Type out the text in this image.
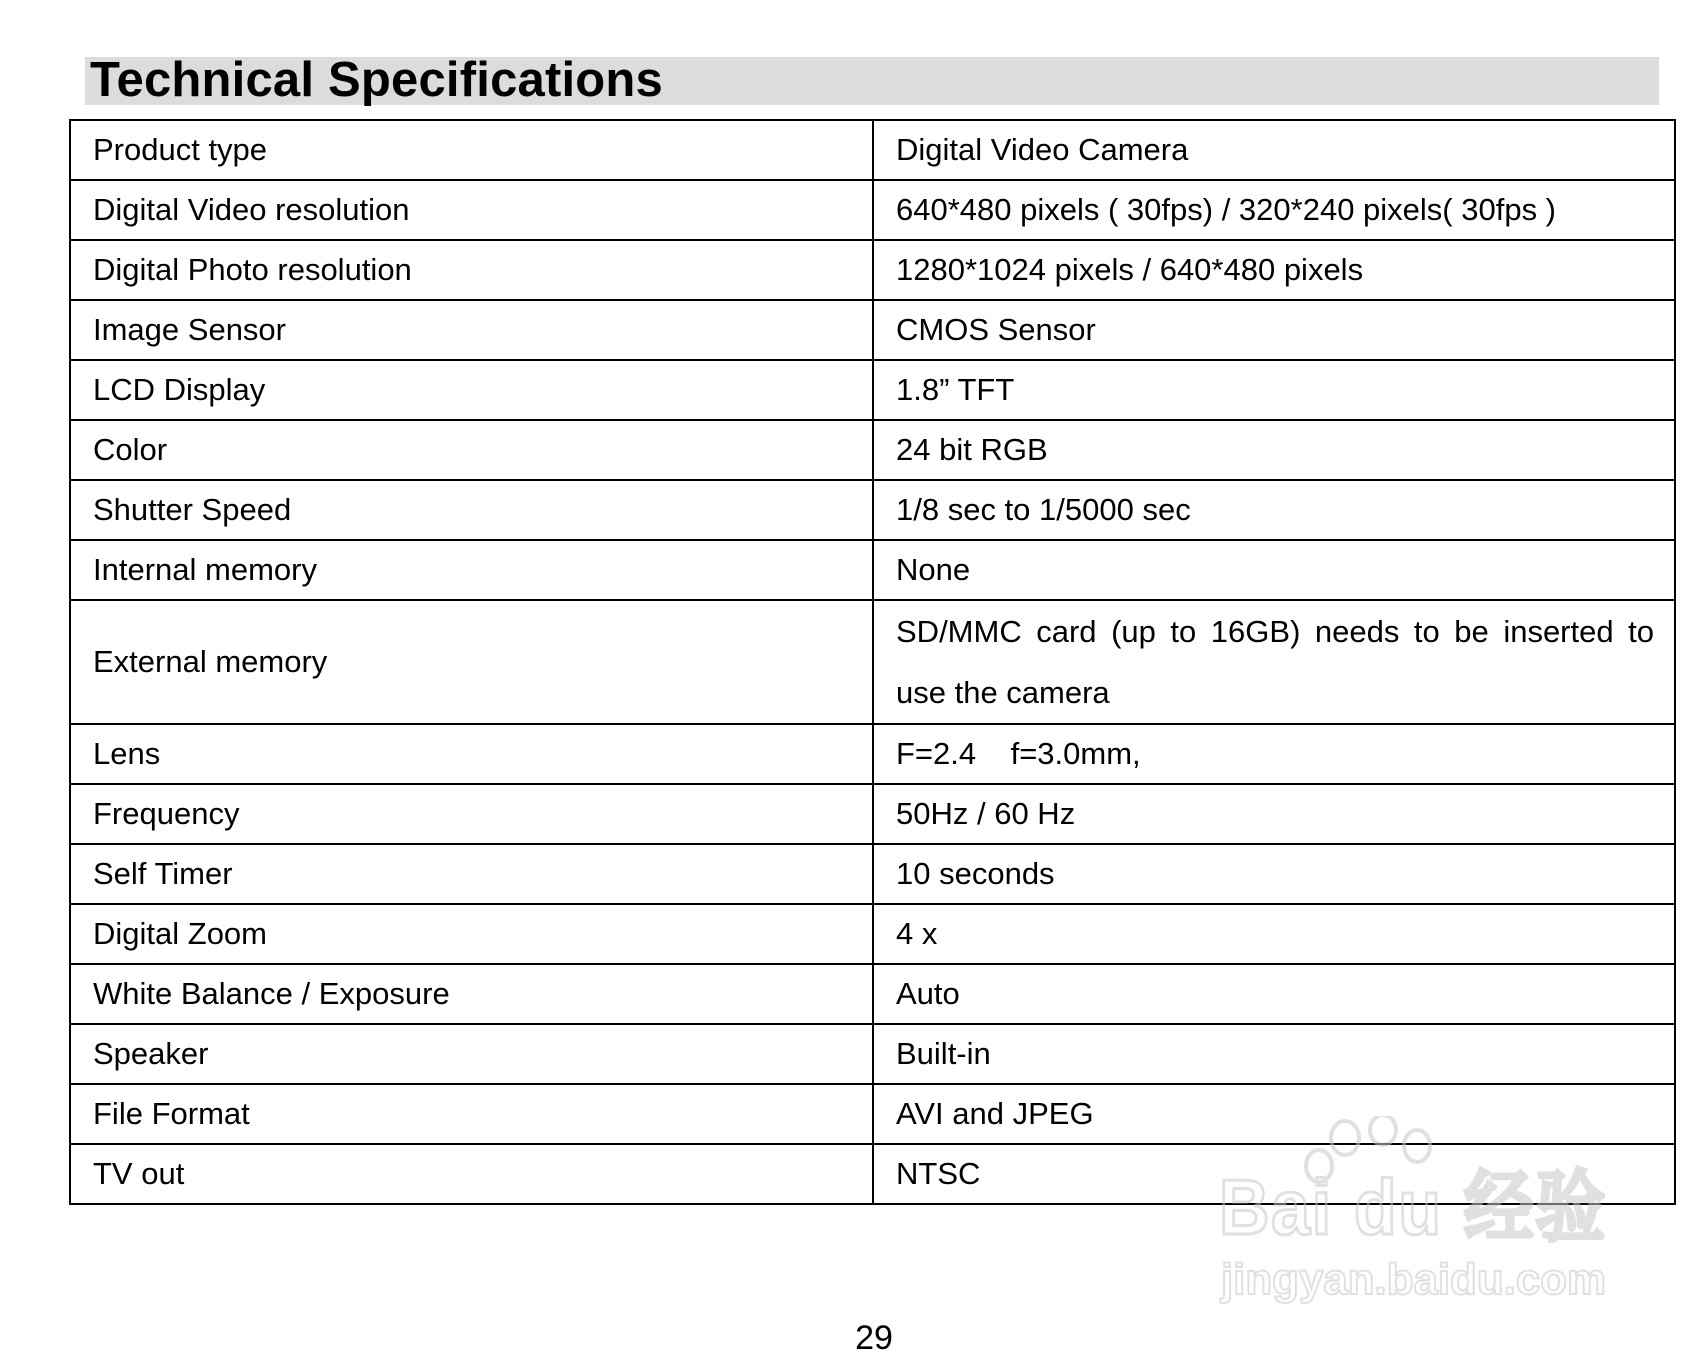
Technical Specifications
Product type	Digital Video Camera
Digital Video resolution	640*480 pixels ( 30fps) / 320*240 pixels( 30fps )
Digital Photo resolution	1280*1024 pixels / 640*480 pixels
Image Sensor	CMOS Sensor
LCD Display	1.8” TFT
Color	24 bit RGB
Shutter Speed	1/8 sec to 1/5000 sec
Internal memory	None
External memory	SD/MMC card (up to 16GB) needs to be inserted to use the camera
Lens	F=2.4    f=3.0mm,
Frequency	50Hz / 60 Hz
Self Timer	10 seconds
Digital Zoom	4 x
White Balance / Exposure	Auto
Speaker	Built-in
File Format	AVI and JPEG
TV out	NTSC	Bai du 经验
jingyan.baidu.com
29
